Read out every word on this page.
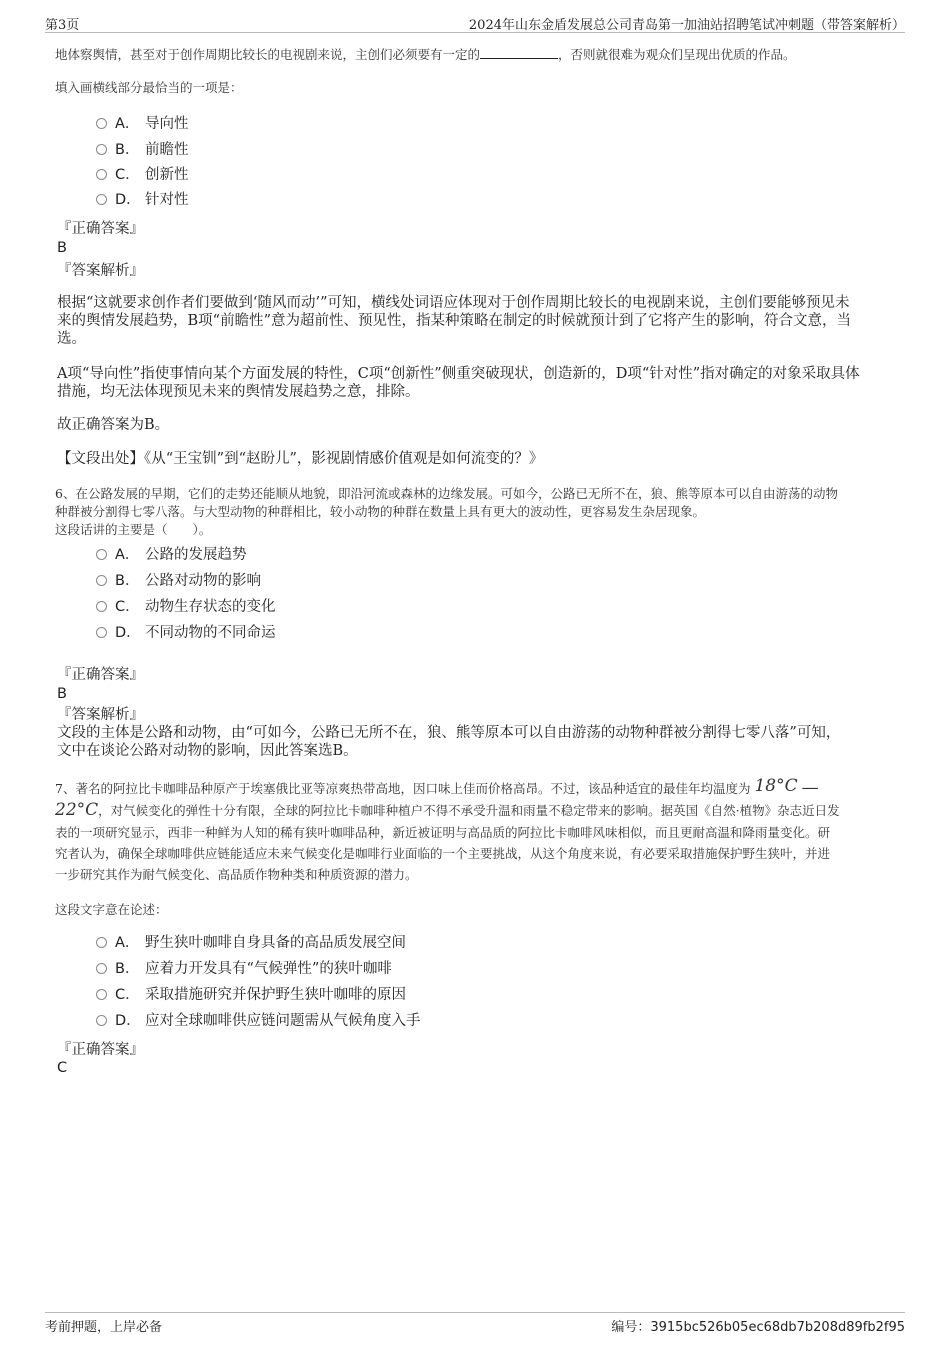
第3页	2024年山东金盾发展总公司青岛第一加油站招聘笔试冲刺题（带答案解析）
地体察舆情，甚至对于创作周期比较长的电视剧来说，主创们必须要有一定的	，否则就很难为观众们呈现出优质的作品。
填入画横线部分最恰当的一项是：
A． 导向性
B． 前瞻性
C． 创新性
D． 针对性
『正确答案』
B
『答案解析』

根据“这就要求创作者们要做到‘随风而动’”可知，横线处词语应体现对于创作周期比较长的电视剧来说，主创们要能够预见未

来的舆情发展趋势，B项“前瞻性”意为超前性、预见性，指某种策略在制定的时候就预计到了它将产生的影响，符合文意，当

选。

A项“导向性”指使事情向某个方面发展的特性，C项“创新性”侧重突破现状，创造新的，D项“针对性”指对确定的对象采取具体

措施，均无法体现预见未来的舆情发展趋势之意，排除。

故正确答案为B。
【文段出处】《从“王宝钏”到“赵盼儿”，影视剧情感价值观是如何流变的？》

6、在公路发展的早期，它们的走势还能顺从地貌，即沿河流或森林的边缘发展。可如今，公路已无所不在，狼、熊等原本可以自由游荡的动物

种群被分割得七零八落。与大型动物的种群相比，较小动物的种群在数量上具有更大的波动性，更容易发生杂居现象。

这段话讲的主要是（　　）。

A． 公路的发展趋势
B． 公路对动物的影响
C． 动物生存状态的变化
D． 不同动物的不同命运
『正确答案』
B
『答案解析』

文段的主体是公路和动物，由“可如今，公路已无所不在，狼、熊等原本可以自由游荡的动物种群被分割得七零八落”可知，

文中在谈论公路对动物的影响，因此答案选B。

7、著名的阿拉比卡咖啡品种原产于埃塞俄比亚等凉爽热带高地，因口味上佳而价格高昂。不过，该品种适宜的最佳年均温度为 18°C —
22°C，对气候变化的弹性十分有限，全球的阿拉比卡咖啡种植户不得不承受升温和雨量不稳定带来的影响。据英国《自然·植物》杂志近日发

表的一项研究显示，西非一种鲜为人知的稀有狭叶咖啡品种，新近被证明与高品质的阿拉比卡咖啡风味相似，而且更耐高温和降雨量变化。研

究者认为，确保全球咖啡供应链能适应未来气候变化是咖啡行业面临的一个主要挑战，从这个角度来说，有必要采取措施保护野生狭叶，并进

一步研究其作为耐气候变化、高品质作物种类和种质资源的潜力。

这段文字意在论述：
A． 野生狭叶咖啡自身具备的高品质发展空间
B． 应着力开发具有“气候弹性”的狭叶咖啡
C． 采取措施研究并保护野生狭叶咖啡的原因
D． 应对全球咖啡供应链问题需从气候角度入手
『正确答案』
C
考前押题，上岸必备	编号：3915bc526b05ec68db7b208d89fb2f95
